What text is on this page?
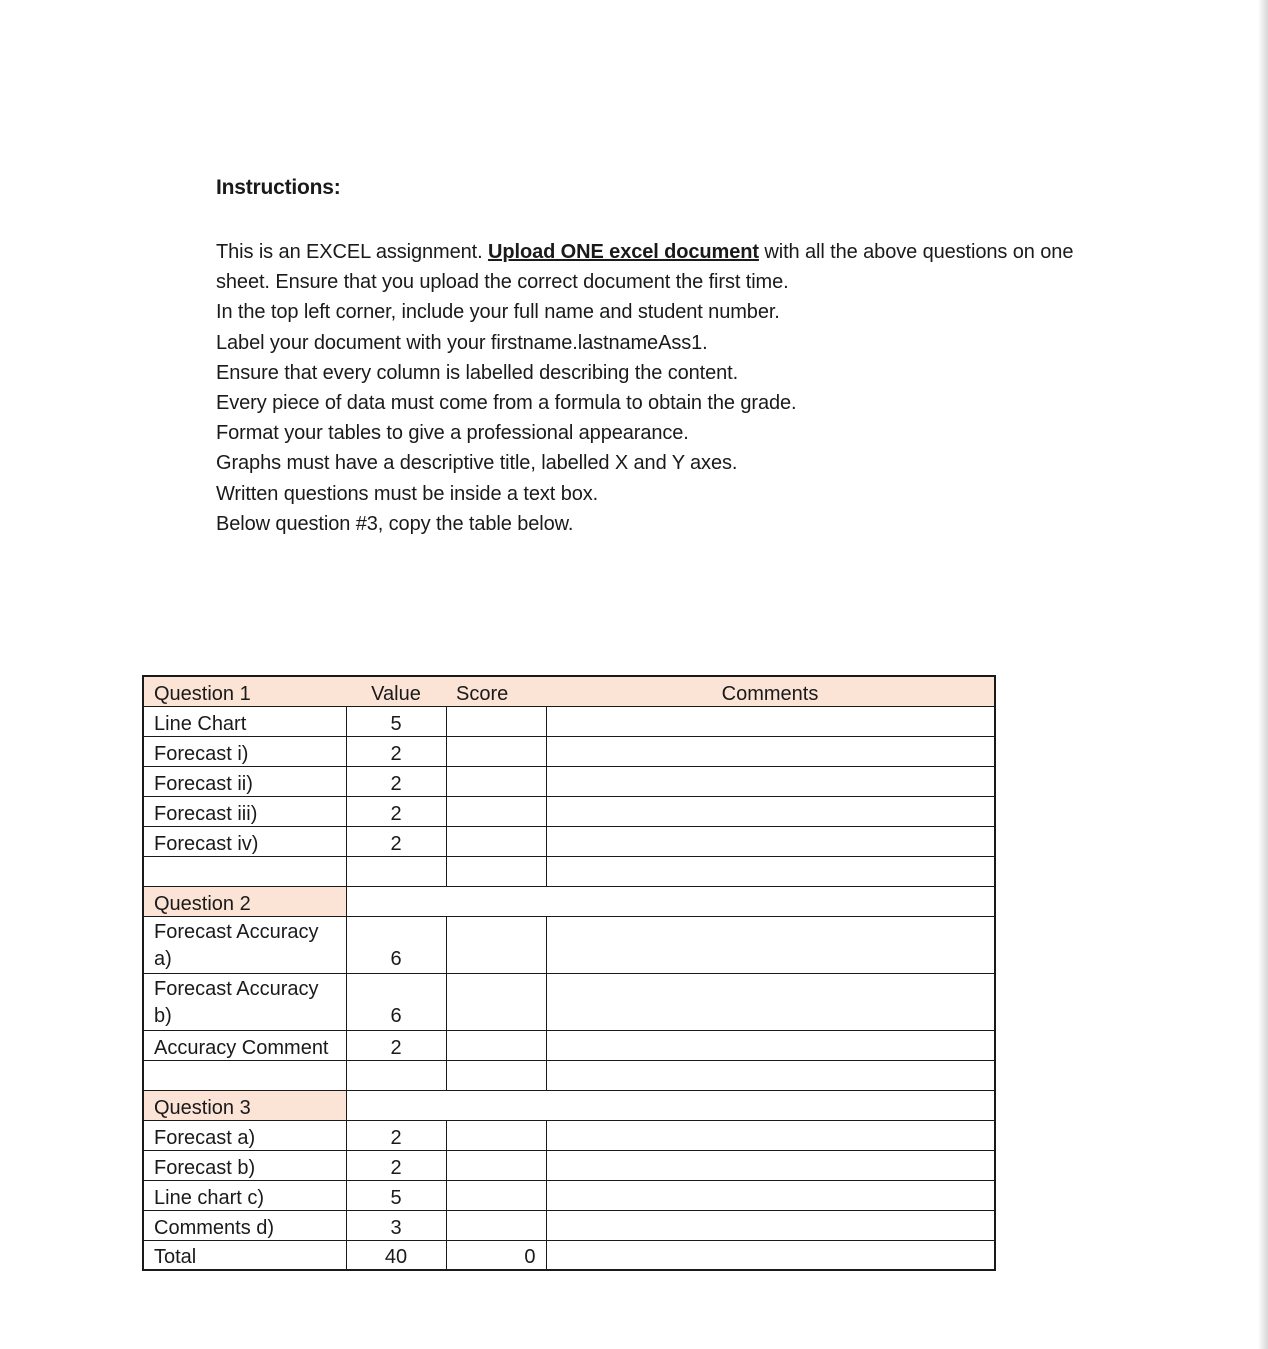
Instructions:
This is an EXCEL assignment. Upload ONE excel document with all the above questions on one
sheet. Ensure that you upload the correct document the first time.
In the top left corner, include your full name and student number.
Label your document with your firstname.lastnameAss1.
Ensure that every column is labelled describing the content.
Every piece of data must come from a formula to obtain the grade.
Format your tables to give a professional appearance.
Graphs must have a descriptive title, labelled X and Y axes.
Written questions must be inside a text box.
Below question #3, copy the table below.
Question 1	Value	Score	Comments
Line Chart	5		
Forecast i)	2		
Forecast ii)	2		
Forecast iii)	2		
Forecast iv)	2		

Question 2			
Forecast Accuracy a)	6		
Forecast Accuracy b)	6		
Accuracy Comment	2		

Question 3			
Forecast a)	2		
Forecast b)	2		
Line chart c)	5		
Comments d)	3		
Total	40	0	
